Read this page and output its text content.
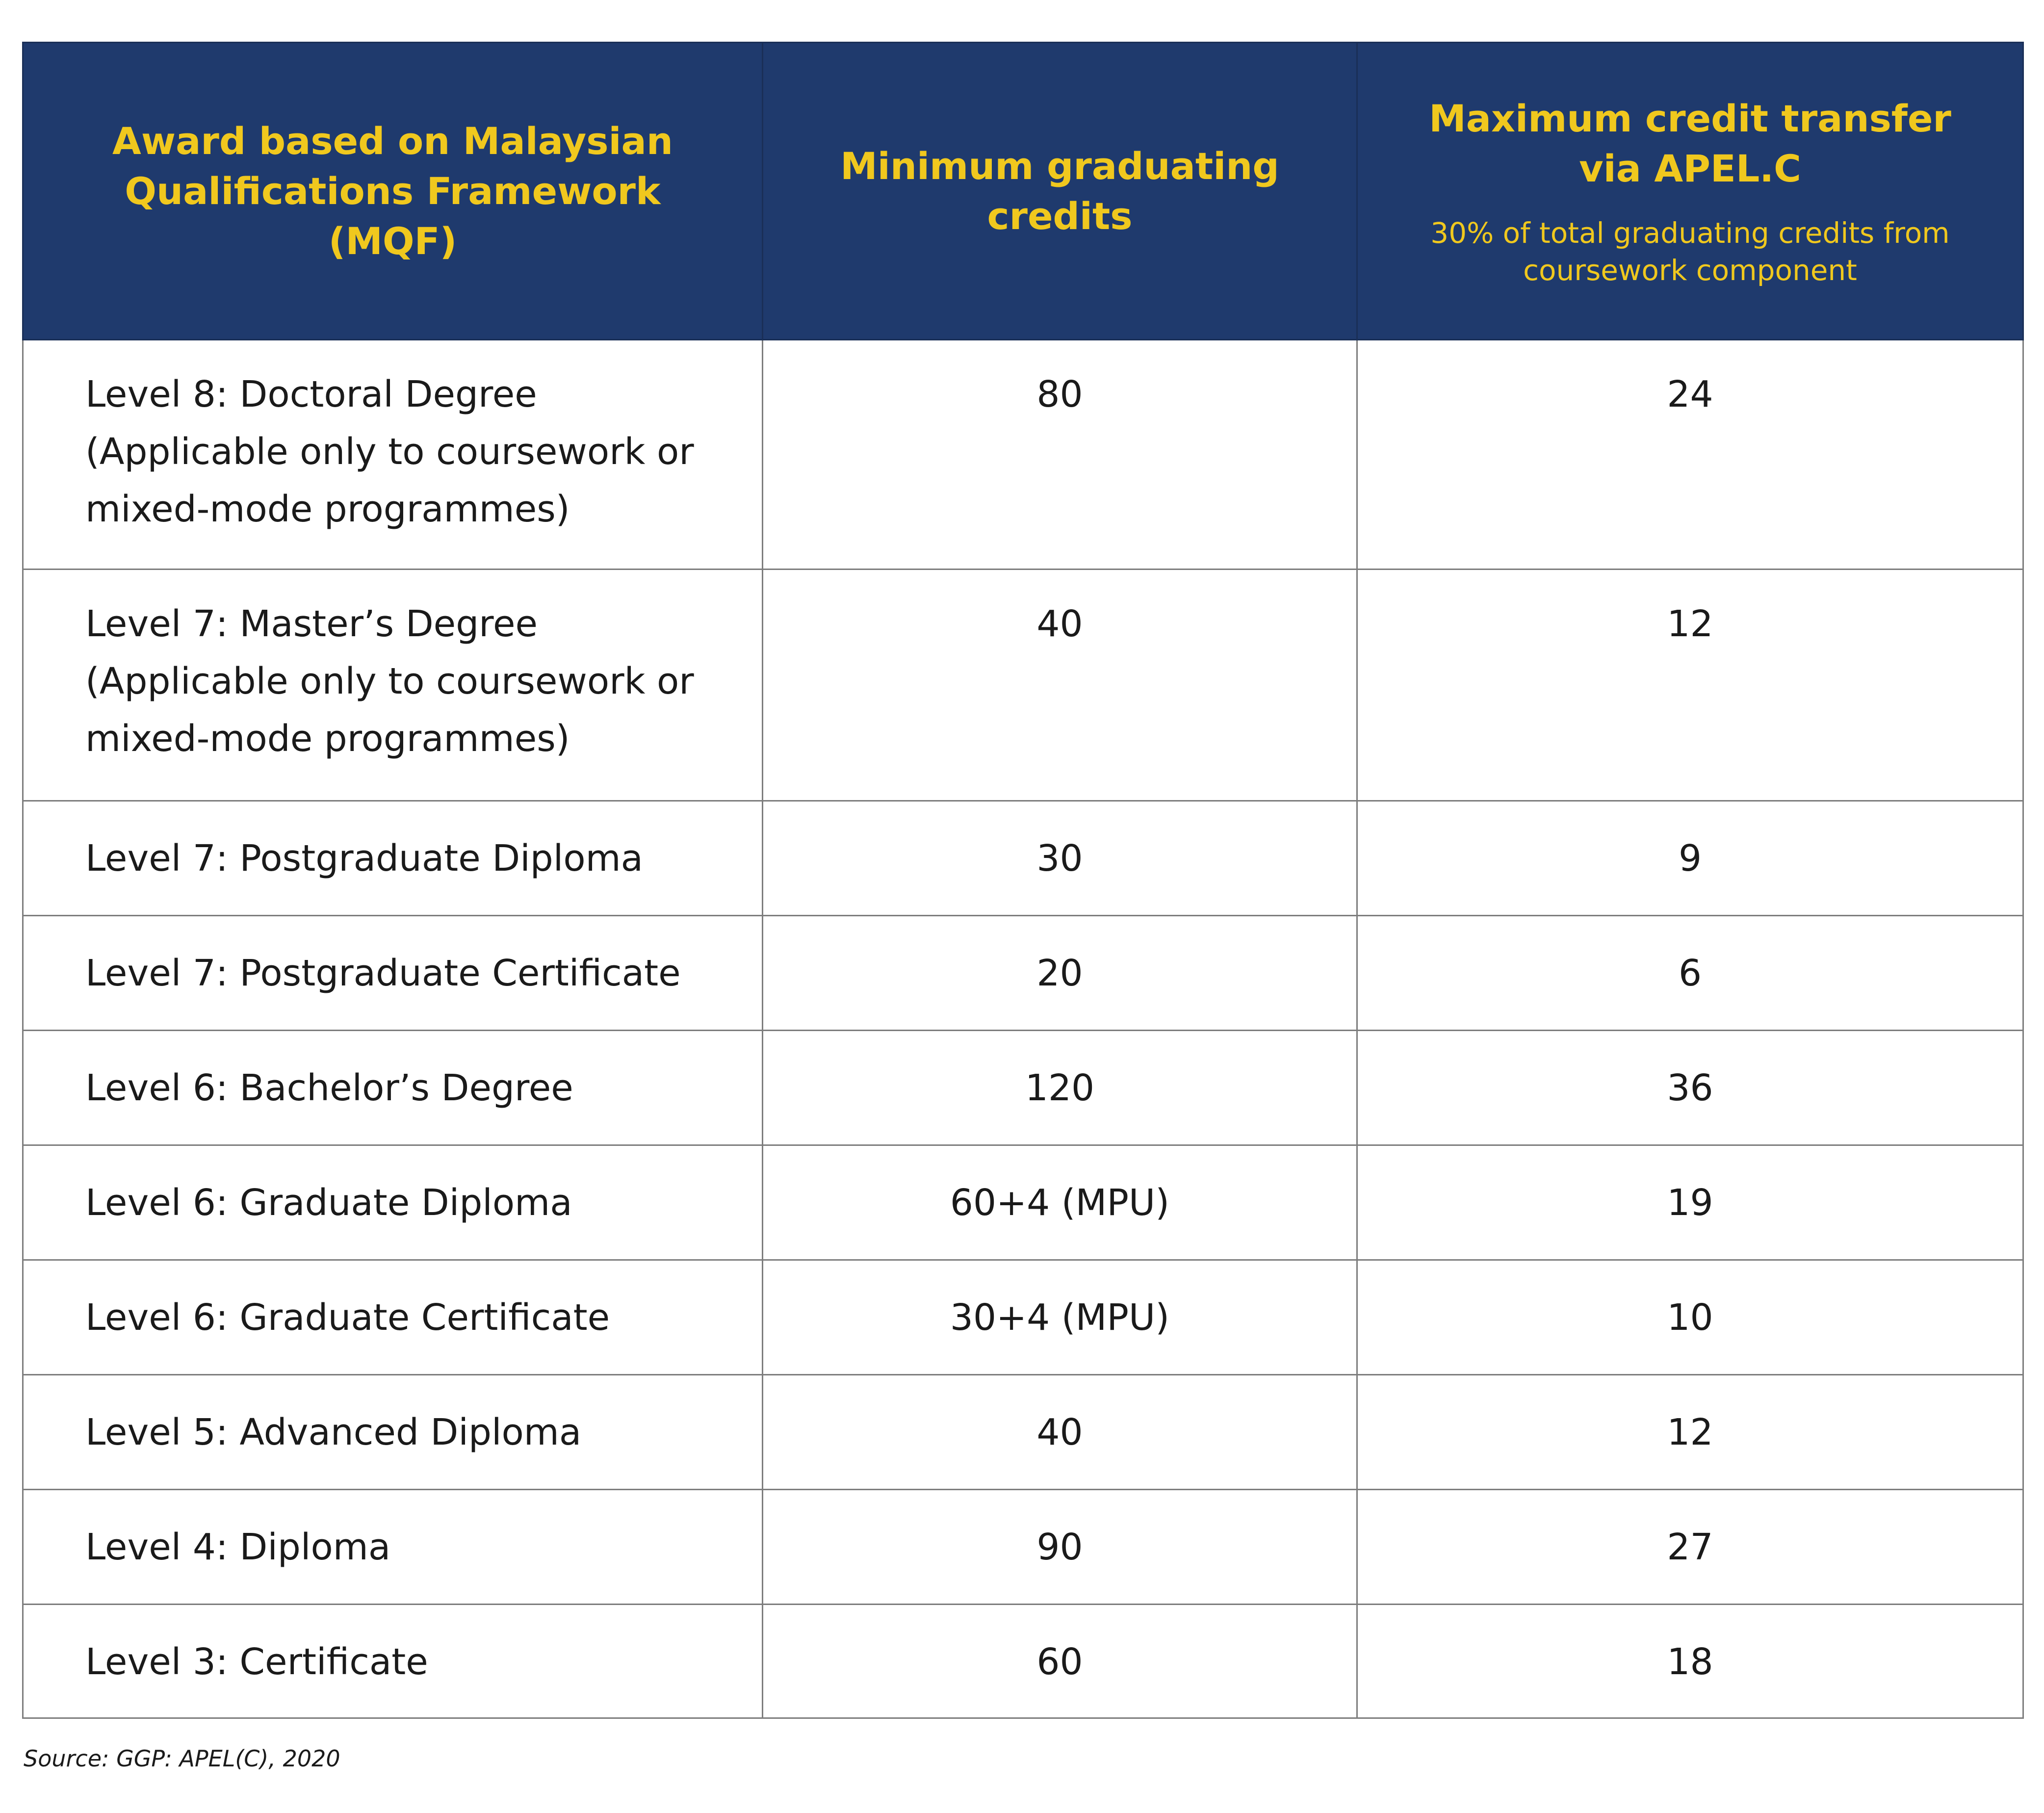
Award based on Malaysian Qualifications Framework (MQF)	Minimum graduating credits	Maximum credit transfer via APEL.C
30% of total graduating credits from coursework component

Level 8: Doctoral Degree
(Applicable only to coursework or mixed-mode programmes)	80	24
Level 7: Master’s Degree
(Applicable only to coursework or mixed-mode programmes)	40	12
Level 7: Postgraduate Diploma	30	9
Level 7: Postgraduate Certificate	20	6
Level 6: Bachelor’s Degree	120	36
Level 6: Graduate Diploma	60+4 (MPU)	19
Level 6: Graduate Certificate	30+4 (MPU)	10
Level 5: Advanced Diploma	40	12
Level 4: Diploma	90	27
Level 3: Certificate	60	18
Source: GGP: APEL(C), 2020
